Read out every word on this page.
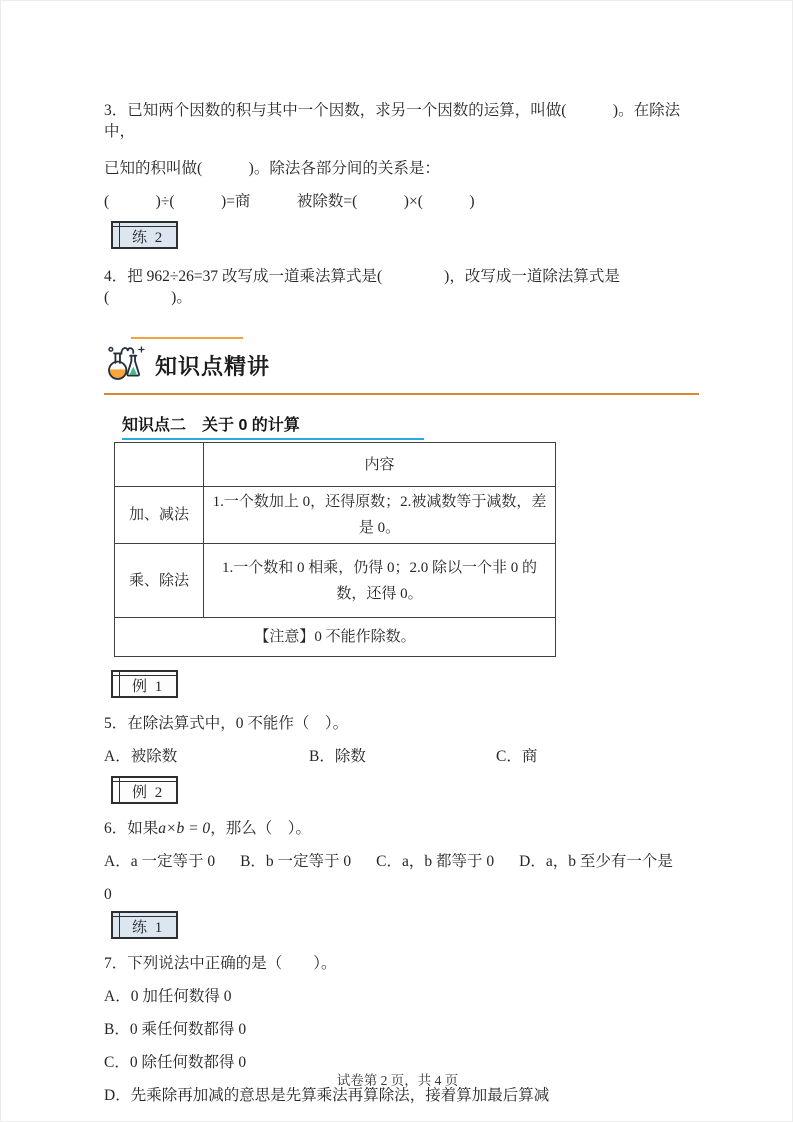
3．已知两个因数的积与其中一个因数，求另一个因数的运算，叫做(　　　)。在除法中，

已知的积叫做(　　　)。除法各部分间的关系是：

(　　　)÷(　　　)=商　　　被除数=(　　　)×(　　　)

练 2

4．把 962÷26=37 改写成一道乘法算式是(　　　　)，改写成一道除法算式是(　　　　)。

知识点精讲
知识点二　关于 0 的计算
	内容
加、减法	1.一个数加上 0，还得原数；2.被减数等于减数，差是 0。
乘、除法	1.一个数和 0 相乘，仍得 0；2.0 除以一个非 0 的数，还得 0。
【注意】0 不能作除数。	
例 1

5．在除法算式中，0 不能作（　）。

A．被除数	B．除数	C．商

例 2

6．如果a×b = 0，那么（　）。

A．a 一定等于 0 B．b 一定等于 0 C．a，b 都等于 0 D．a，b 至少有一个是

0

练 1

7．下列说法中正确的是（　　）。

A．0 加任何数得 0

B．0 乘任何数都得 0

C．0 除任何数都得 0

D．先乘除再加减的意思是先算乘法再算除法，接着算加最后算减

试卷第 2 页，共 4 页
